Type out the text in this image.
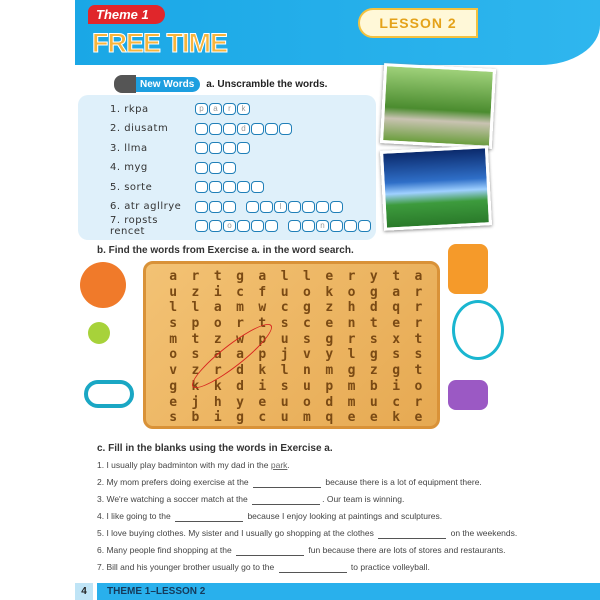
Theme 1
FREE TIME
LESSON 2
New Words	a. Unscramble the words.
1. rkpa	p	a	r	k
2. diusatm	d
3. llma
4. myg
5. sorte
6. atr agllrye	l
7. ropsts rencet
o	n
b. Find the words from Exercise a. in the word search.
a	r	t	g	a	l	l	e	r	y	t	a
u	z	i	c	f	u	o	k	o	g	a	r
l	l	a	m	w	c	g	z	h	d	q	r
s	p	o	r	t	s	c	e	n	t	e	r
m	t	z	w	p	u	s	g	r	s	x	t
o	s	a	a	p	j	v	y	l	g	s	s
v	z	r	d	k	l	n	m	g	z	g	t
g	k	k	d	i	s	u	p	m	b	i	o
e	j	h	y	e	u	o	d	m	u	c	r
s	b	i	g	c	u	m	q	e	e	k	e
c. Fill in the blanks using the words in Exercise a.
1. I usually play badminton with my dad in the park.
2. My mom prefers doing exercise at the	because there is a lot of equipment there.
3. We're watching a soccer match at the	. Our team is winning.
4. I like going to the	because I enjoy looking at paintings and sculptures.
5. I love buying clothes. My sister and I usually go shopping at the clothes	on the weekends.
6. Many people find shopping at the	fun because there are lots of stores and restaurants.
7. Bill and his younger brother usually go to the	to practice volleyball.
4	THEME 1–LESSON 2
